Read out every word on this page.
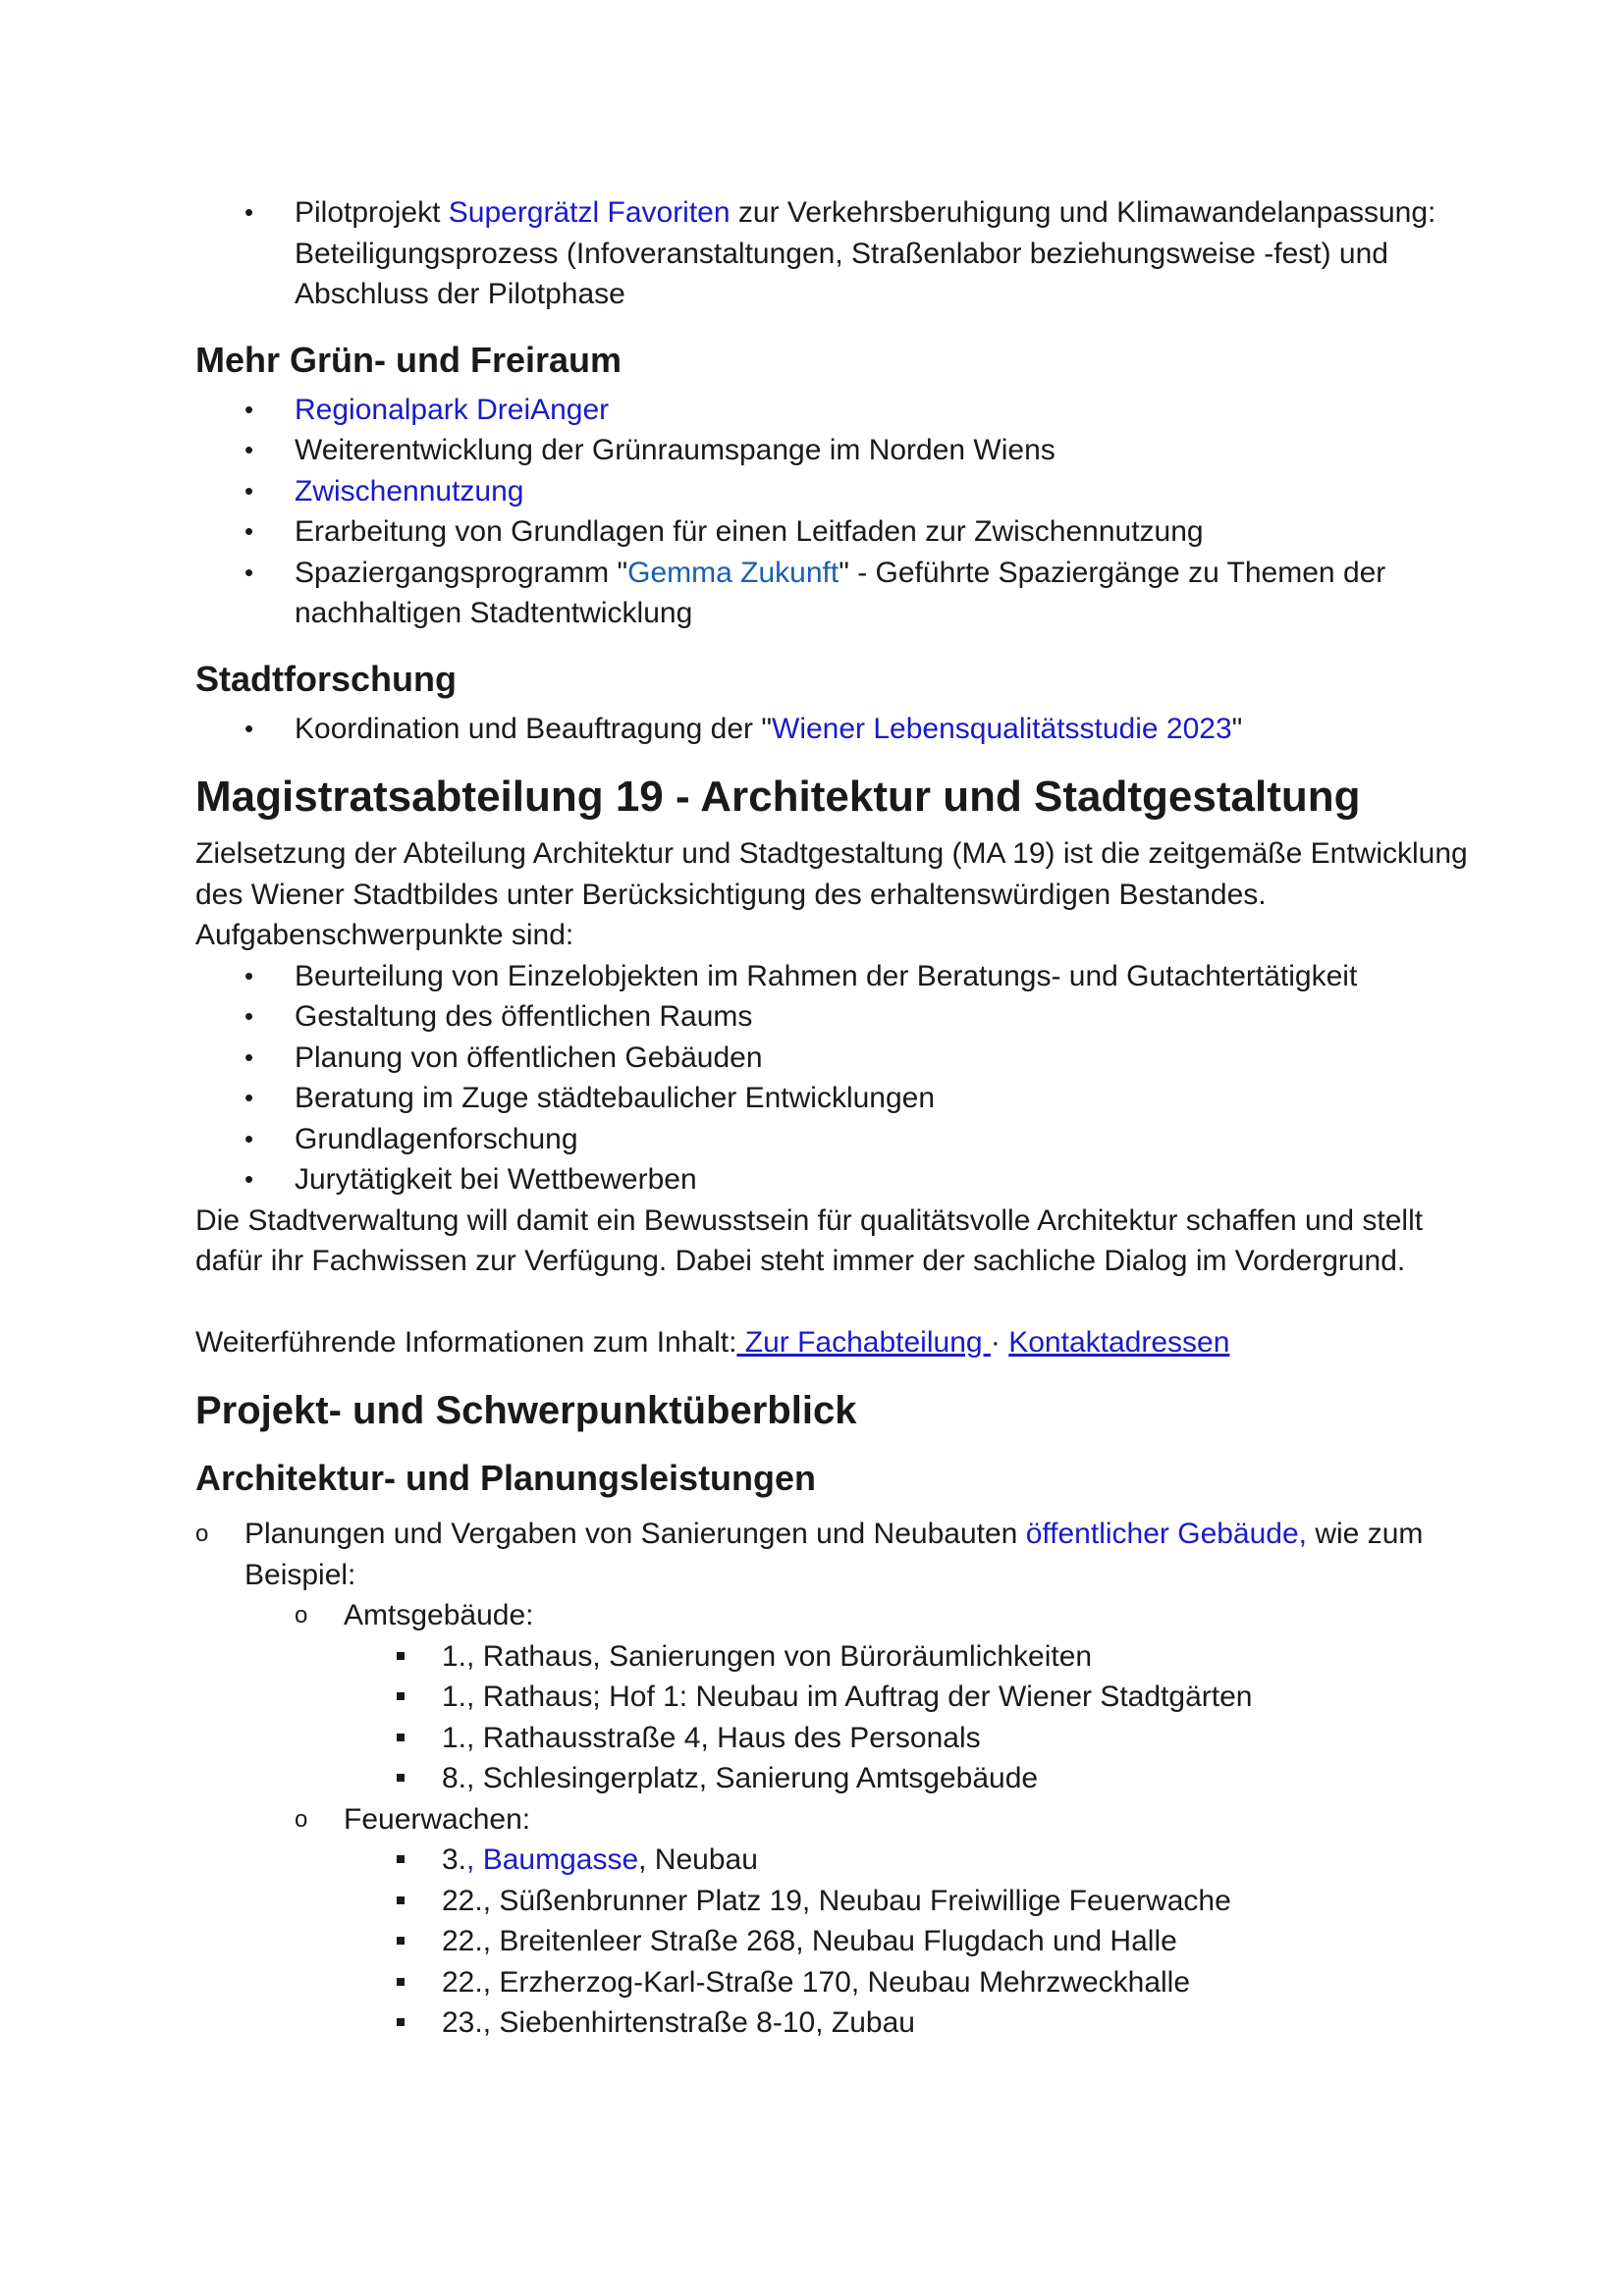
• Pilotprojekt Supergrätzl Favoriten zur Verkehrsberuhigung und Klimawandelanpassung: Beteiligungsprozess (Infoveranstaltungen, Straßenlabor beziehungsweise -fest) und Abschluss der Pilotphase
Mehr Grün- und Freiraum
• Regionalpark DreiAnger
• Weiterentwicklung der Grünraumspange im Norden Wiens
• Zwischennutzung
• Erarbeitung von Grundlagen für einen Leitfaden zur Zwischennutzung
• Spaziergangsprogramm "Gemma Zukunft" - Geführte Spaziergänge zu Themen der nachhaltigen Stadtentwicklung
Stadtforschung
• Koordination und Beauftragung der "Wiener Lebensqualitätsstudie 2023"
Magistratsabteilung 19 - Architektur und Stadtgestaltung

Zielsetzung der Abteilung Architektur und Stadtgestaltung (MA 19) ist die zeitgemäße Entwicklung des Wiener Stadtbildes unter Berücksichtigung des erhaltenswürdigen Bestandes. Aufgabenschwerpunkte sind:

• Beurteilung von Einzelobjekten im Rahmen der Beratungs- und Gutachtertätigkeit
• Gestaltung des öffentlichen Raums
• Planung von öffentlichen Gebäuden
• Beratung im Zuge städtebaulicher Entwicklungen
• Grundlagenforschung
• Jurytätigkeit bei Wettbewerben

Die Stadtverwaltung will damit ein Bewusstsein für qualitätsvolle Architektur schaffen und stellt dafür ihr Fachwissen zur Verfügung. Dabei steht immer der sachliche Dialog im Vordergrund.

Weiterführende Informationen zum Inhalt: Zur Fachabteilung · Kontaktadressen

Projekt- und Schwerpunktüberblick
Architektur- und Planungsleistungen
o Planungen und Vergaben von Sanierungen und Neubauten öffentlicher Gebäude, wie zum Beispiel:
o Amtsgebäude:
1., Rathaus, Sanierungen von Büroräumlichkeiten
1., Rathaus; Hof 1: Neubau im Auftrag der Wiener Stadtgärten
1., Rathausstraße 4, Haus des Personals
8., Schlesingerplatz, Sanierung Amtsgebäude
o Feuerwachen:
3., Baumgasse, Neubau
22., Süßenbrunner Platz 19, Neubau Freiwillige Feuerwache
22., Breitenleer Straße 268, Neubau Flugdach und Halle
22., Erzherzog-Karl-Straße 170, Neubau Mehrzweckhalle
23., Siebenhirtenstraße 8-10, Zubau
